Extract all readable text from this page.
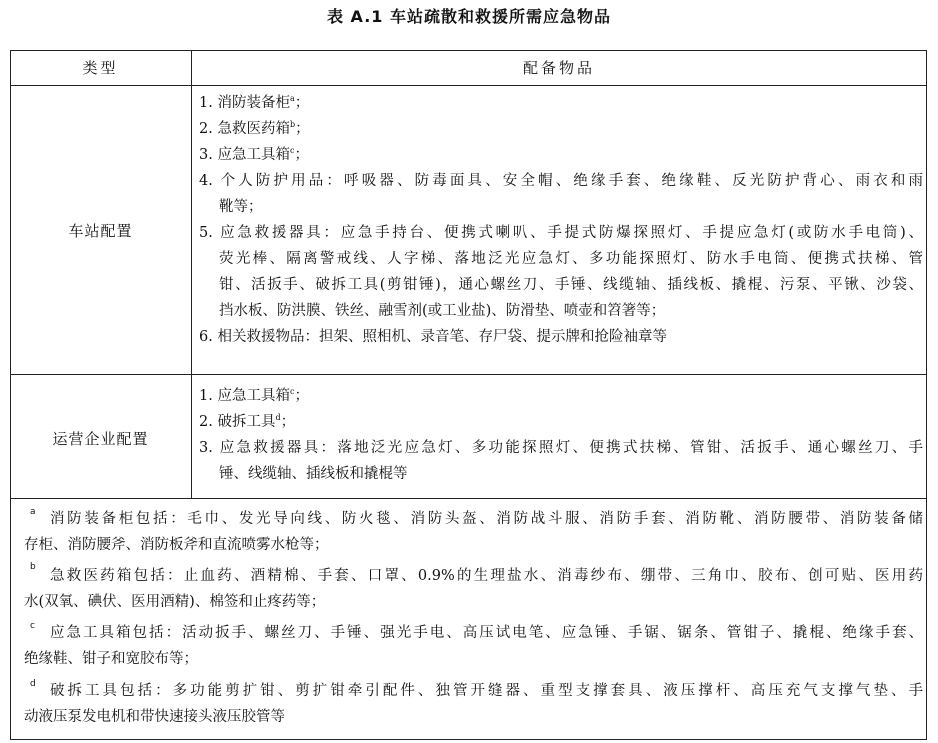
表 A.1 车站疏散和救援所需应急物品
类型	配备物品
车站配置
1. 消防装备柜$^a$；
2. 急救医药箱$^b$；
3. 应急工具箱$^c$；
4. 个人防护用品：呼吸器、防毒面具、安全帽、绝缘手套、绝缘鞋、反光防护背心、雨衣和雨
靴等；
5. 应急救援器具：应急手持台、便携式喇叭、手提式防爆探照灯、手提应急灯(或防水手电筒)、
荧光棒、隔离警戒线、人字梯、落地泛光应急灯、多功能探照灯、防水手电筒、便携式扶梯、管
钳、活扳手、破拆工具(剪钳锤)，通心螺丝刀、手锤、线缆轴、插线板、撬棍、污泵、平锹、沙袋、
挡水板、防洪膜、铁丝、融雪剂(或工业盐)、防滑垫、喷壶和笤箸等；
6. 相关救援物品：担架、照相机、录音笔、存尸袋、提示牌和抢险袖章等
运营企业配置
1. 应急工具箱$^c$；
2. 破拆工具$^d$；
3. 应急救援器具：落地泛光应急灯、多功能探照灯、便携式扶梯、管钳、活扳手、通心螺丝刀、手
锤、线缆轴、插线板和撬棍等
a
b
c
d
消防装备柜包括：毛巾、发光导向线、防火毯、消防头盔、消防战斗服、消防手套、消防靴、消防腰带、消防装备储
存柜、消防腰斧、消防板斧和直流喷雾水枪等；
急救医药箱包括：止血药、酒精棉、手套、口罩、0.9%的生理盐水、消毒纱布、绷带、三角巾、胶布、创可贴、医用药
水(双氧、碘伏、医用酒精)、棉签和止疼药等；
应急工具箱包括：活动扳手、螺丝刀、手锤、强光手电、高压试电笔、应急锤、手锯、锯条、管钳子、撬棍、绝缘手套、
绝缘鞋、钳子和宽胶布等；
破拆工具包括：多功能剪扩钳、剪扩钳牵引配件、独管开缝器、重型支撑套具、液压撑杆、高压充气支撑气垫、手
动液压泵发电机和带快速接头液压胶管等
